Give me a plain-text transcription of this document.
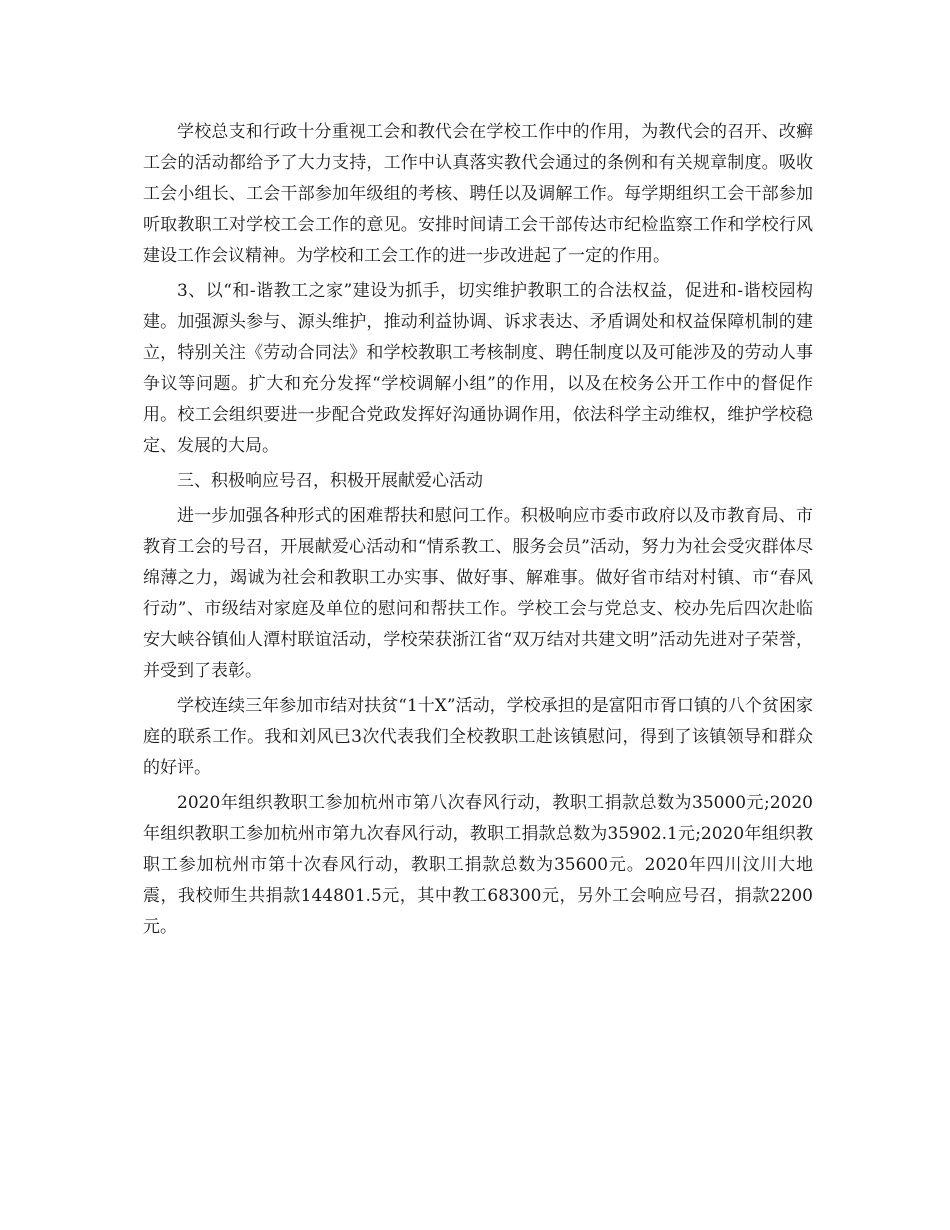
学校总支和行政十分重视工会和教代会在学校工作中的作用，为教代会的召开、改癣工会的活动都给予了大力支持，工作中认真落实教代会通过的条例和有关规章制度。吸收工会小组长、工会干部参加年级组的考核、聘任以及调解工作。每学期组织工会干部参加听取教职工对学校工会工作的意见。安排时间请工会干部传达市纪检监察工作和学校行风建设工作会议精神。为学校和工会工作的进一步改进起了一定的作用。

3、以“和-谐教工之家”建设为抓手，切实维护教职工的合法权益，促进和-谐校园构建。加强源头参与、源头维护，推动利益协调、诉求表达、矛盾调处和权益保障机制的建立，特别关注《劳动合同法》和学校教职工考核制度、聘任制度以及可能涉及的劳动人事争议等问题。扩大和充分发挥“学校调解小组”的作用，以及在校务公开工作中的督促作用。校工会组织要进一步配合党政发挥好沟通协调作用，依法科学主动维权，维护学校稳定、发展的大局。

三、积极响应号召，积极开展献爱心活动

进一步加强各种形式的困难帮扶和慰问工作。积极响应市委市政府以及市教育局、市教育工会的号召，开展献爱心活动和“情系教工、服务会员”活动，努力为社会受灾群体尽绵薄之力，竭诚为社会和教职工办实事、做好事、解难事。做好省市结对村镇、市“春风行动”、市级结对家庭及单位的慰问和帮扶工作。学校工会与党总支、校办先后四次赴临安大峡谷镇仙人潭村联谊活动，学校荣获浙江省“双万结对共建文明”活动先进对子荣誉，并受到了表彰。

学校连续三年参加市结对扶贫“1十X”活动，学校承担的是富阳市胥口镇的八个贫困家庭的联系工作。我和刘风已3次代表我们全校教职工赴该镇慰问，得到了该镇领导和群众的好评。

2020年组织教职工参加杭州市第八次春风行动，教职工捐款总数为35000元;2020年组织教职工参加杭州市第九次春风行动，教职工捐款总数为35902.1元;2020年组织教职工参加杭州市第十次春风行动，教职工捐款总数为35600元。2020年四川汶川大地震，我校师生共捐款144801.5元，其中教工68300元，另外工会响应号召，捐款2200元。
